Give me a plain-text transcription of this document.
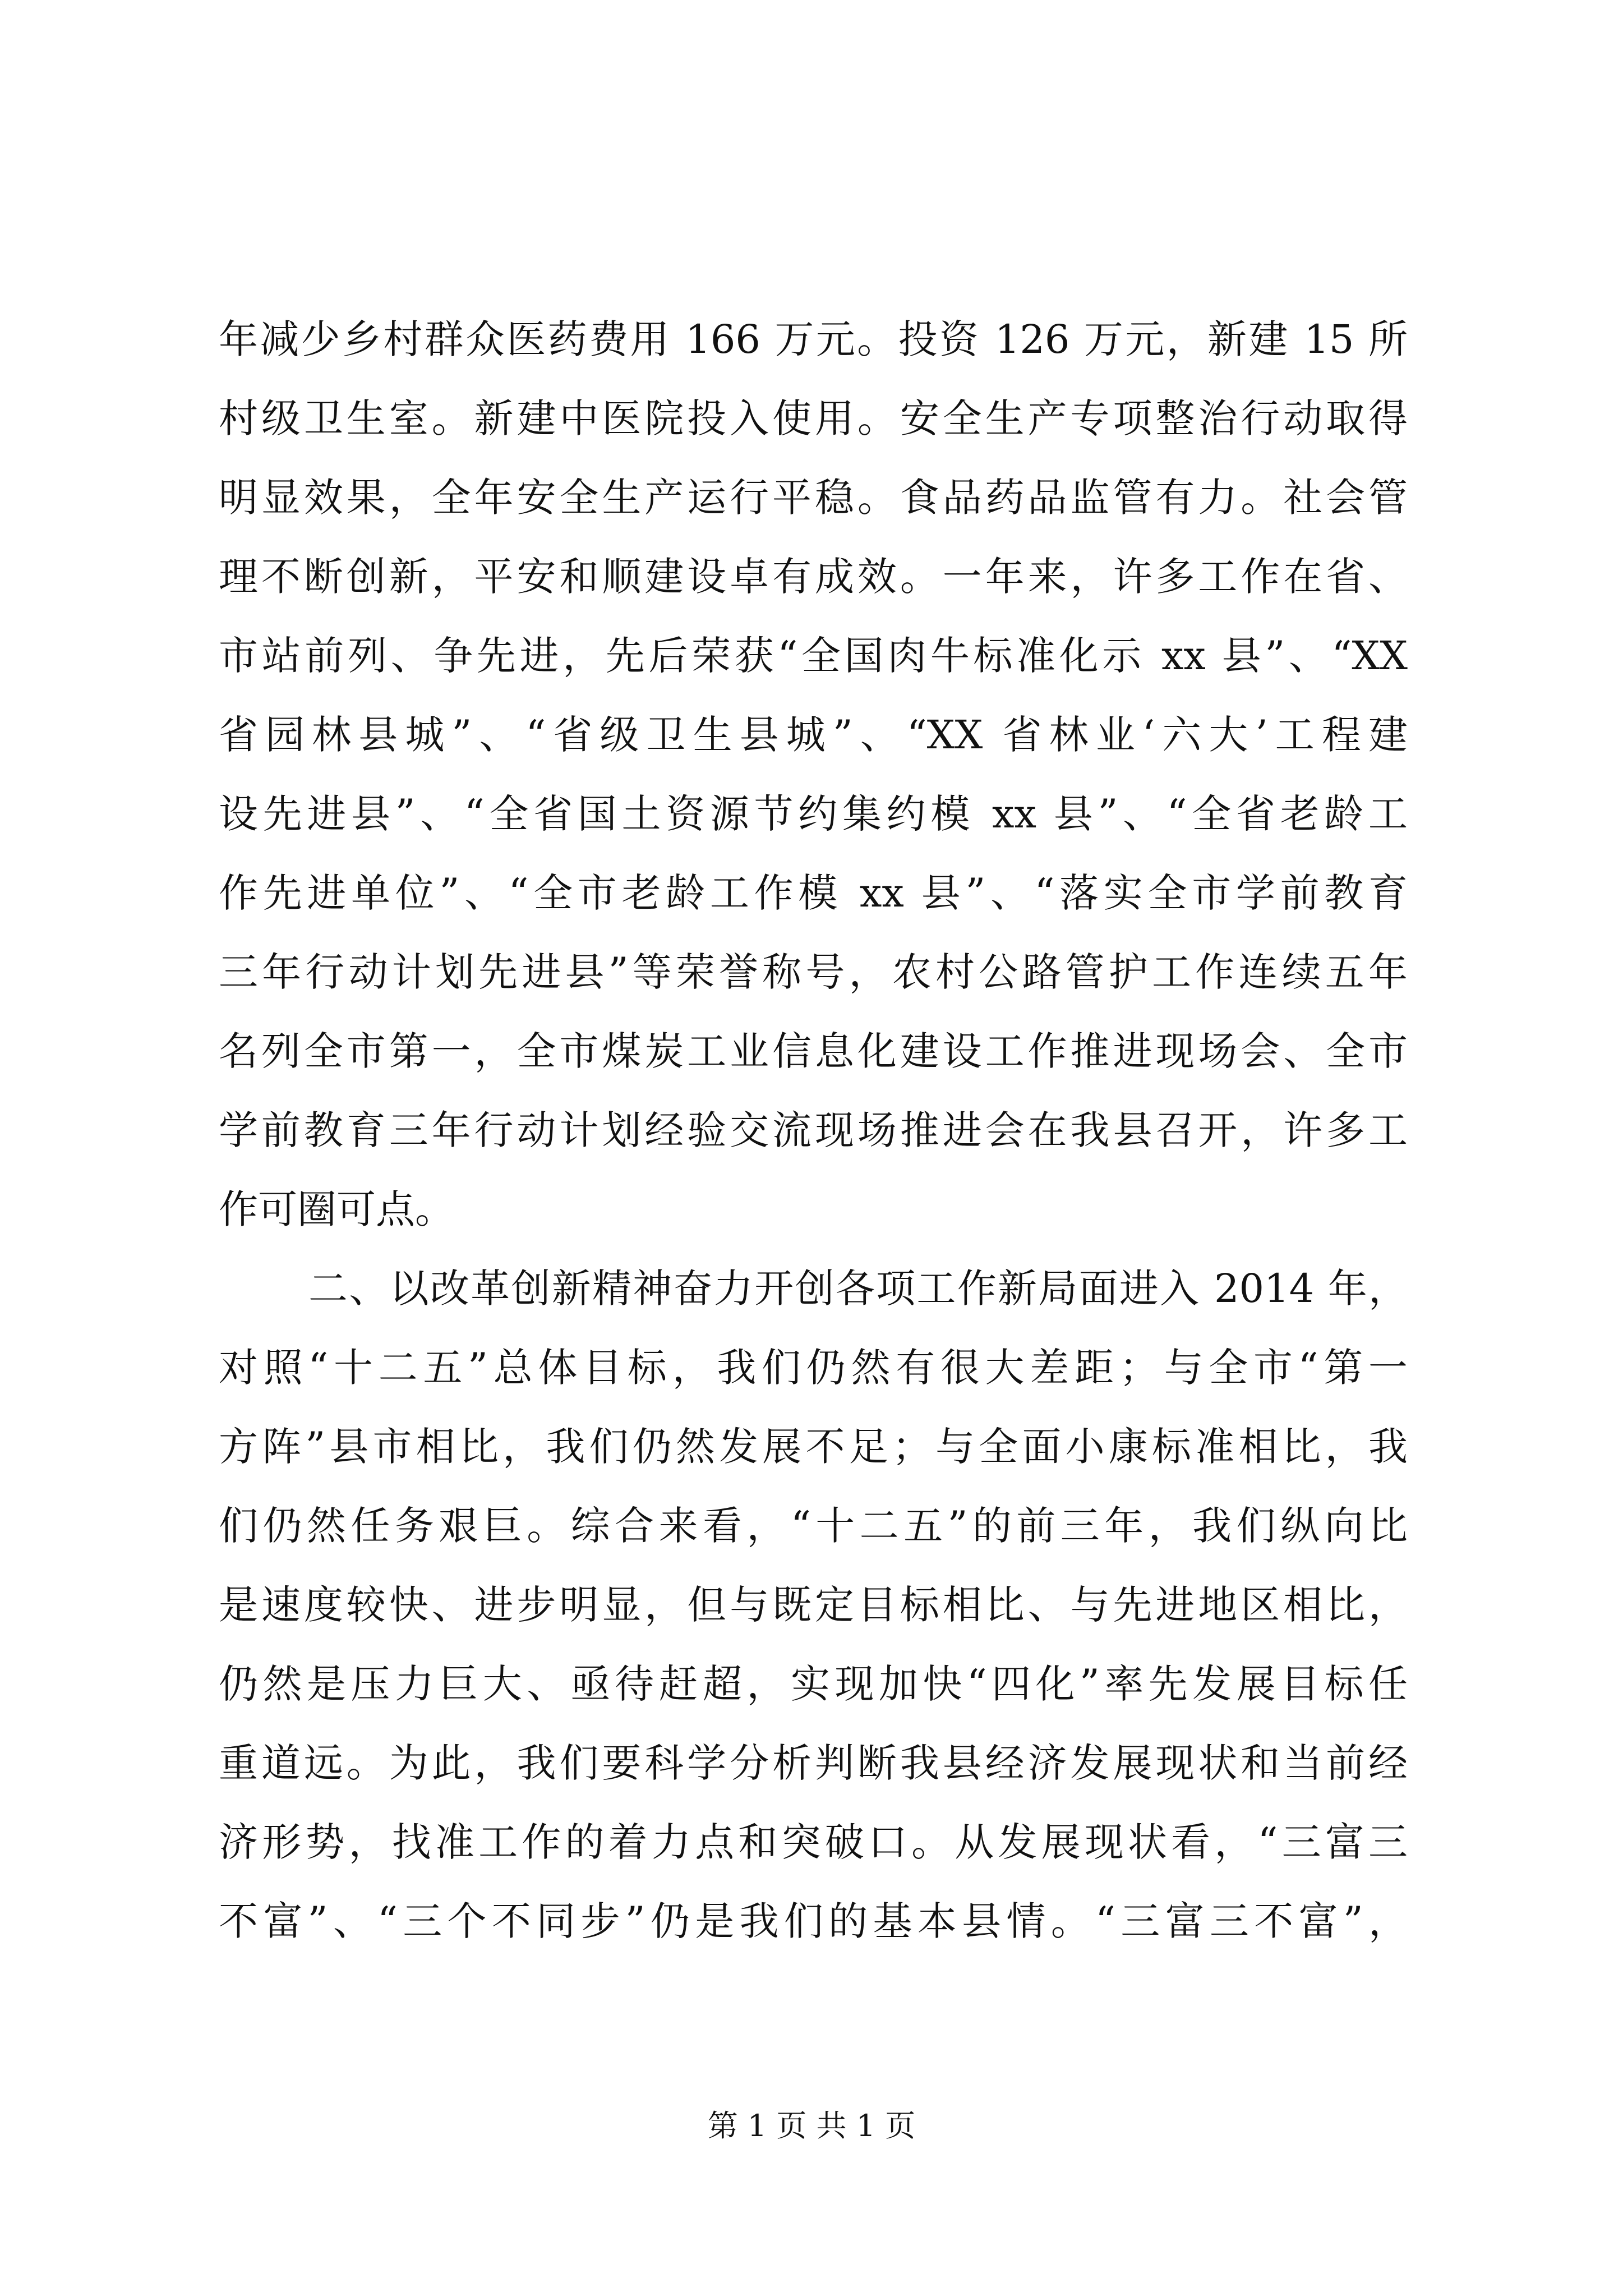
年减少乡村群众医药费用 166 万元。投资 126 万元，新建 15 所
村级卫生室。新建中医院投入使用。安全生产专项整治行动取得
明显效果，全年安全生产运行平稳。食品药品监管有力。社会管
理不断创新，平安和顺建设卓有成效。一年来，许多工作在省、
市站前列、争先进，先后荣获“全国肉牛标准化示 xx 县”、“XX
省园林县城”、“省级卫生县城”、“XX 省林业‘六大’工程建
设先进县”、“全省国土资源节约集约模 xx 县”、“全省老龄工
作先进单位”、“全市老龄工作模 xx 县”、“落实全市学前教育
三年行动计划先进县”等荣誉称号，农村公路管护工作连续五年
名列全市第一，全市煤炭工业信息化建设工作推进现场会、全市
学前教育三年行动计划经验交流现场推进会在我县召开，许多工
作可圈可点。
二、以改革创新精神奋力开创各项工作新局面进入 2014 年，
对照“十二五”总体目标，我们仍然有很大差距；与全市“第一
方阵”县市相比，我们仍然发展不足；与全面小康标准相比，我
们仍然任务艰巨。综合来看，“十二五”的前三年，我们纵向比
是速度较快、进步明显，但与既定目标相比、与先进地区相比，
仍然是压力巨大、亟待赶超，实现加快“四化”率先发展目标任
重道远。为此，我们要科学分析判断我县经济发展现状和当前经
济形势，找准工作的着力点和突破口。从发展现状看，“三富三
不富”、“三个不同步”仍是我们的基本县情。“三富三不富”，
第 1 页 共 1 页
